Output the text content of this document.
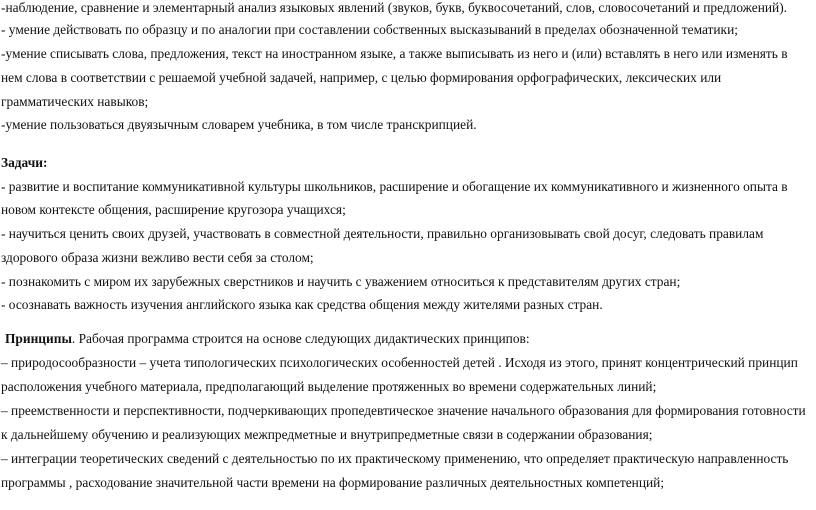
-наблюдение, сравнение и элементарный анализ языковых явлений (звуков, букв, буквосочетаний, слов, словосочетаний и предложений).
- умение действовать по образцу и по аналогии при составлении собственных высказываний в пределах обозначенной тематики;
-умение списывать слова, предложения, текст на иностранном языке, а также выписывать из него и (или) вставлять в него или изменять в
нем слова в соответствии с решаемой учебной задачей, например, с целью формирования орфографических, лексических или
грамматических навыков;
-умение пользоваться двуязычным словарем учебника, в том числе транскрипцией.
Задачи:
- развитие и воспитание коммуникативной культуры школьников, расширение и обогащение их коммуникативного и жизненного опыта в
новом контексте общения, расширение кругозора учащихся;
- научиться ценить своих друзей, участвовать в совместной деятельности, правильно организовывать свой досуг, следовать правилам
здорового образа жизни вежливо вести себя за столом;
- познакомить с миром их зарубежных сверстников и научить с уважением относиться к представителям других стран;
- осознавать важность изучения английского языка как средства общения между жителями разных стран.
Принципы. Рабочая программа строится на основе следующих дидактических принципов:
– природосообразности – учета типологических психологических особенностей детей . Исходя из этого, принят концентрический принцип
расположения учебного материала, предполагающий выделение протяженных во времени содержательных линий;
– преемственности и перспективности, подчеркивающих пропедевтическое значение начального образования для формирования готовности
к дальнейшему обучению и реализующих межпредметные и внутрипредметные связи в содержании образования;
– интеграции теоретических сведений с деятельностью по их практическому применению, что определяет практическую направленность
программы , расходование значительной части времени на формирование различных деятельностных компетенций;
